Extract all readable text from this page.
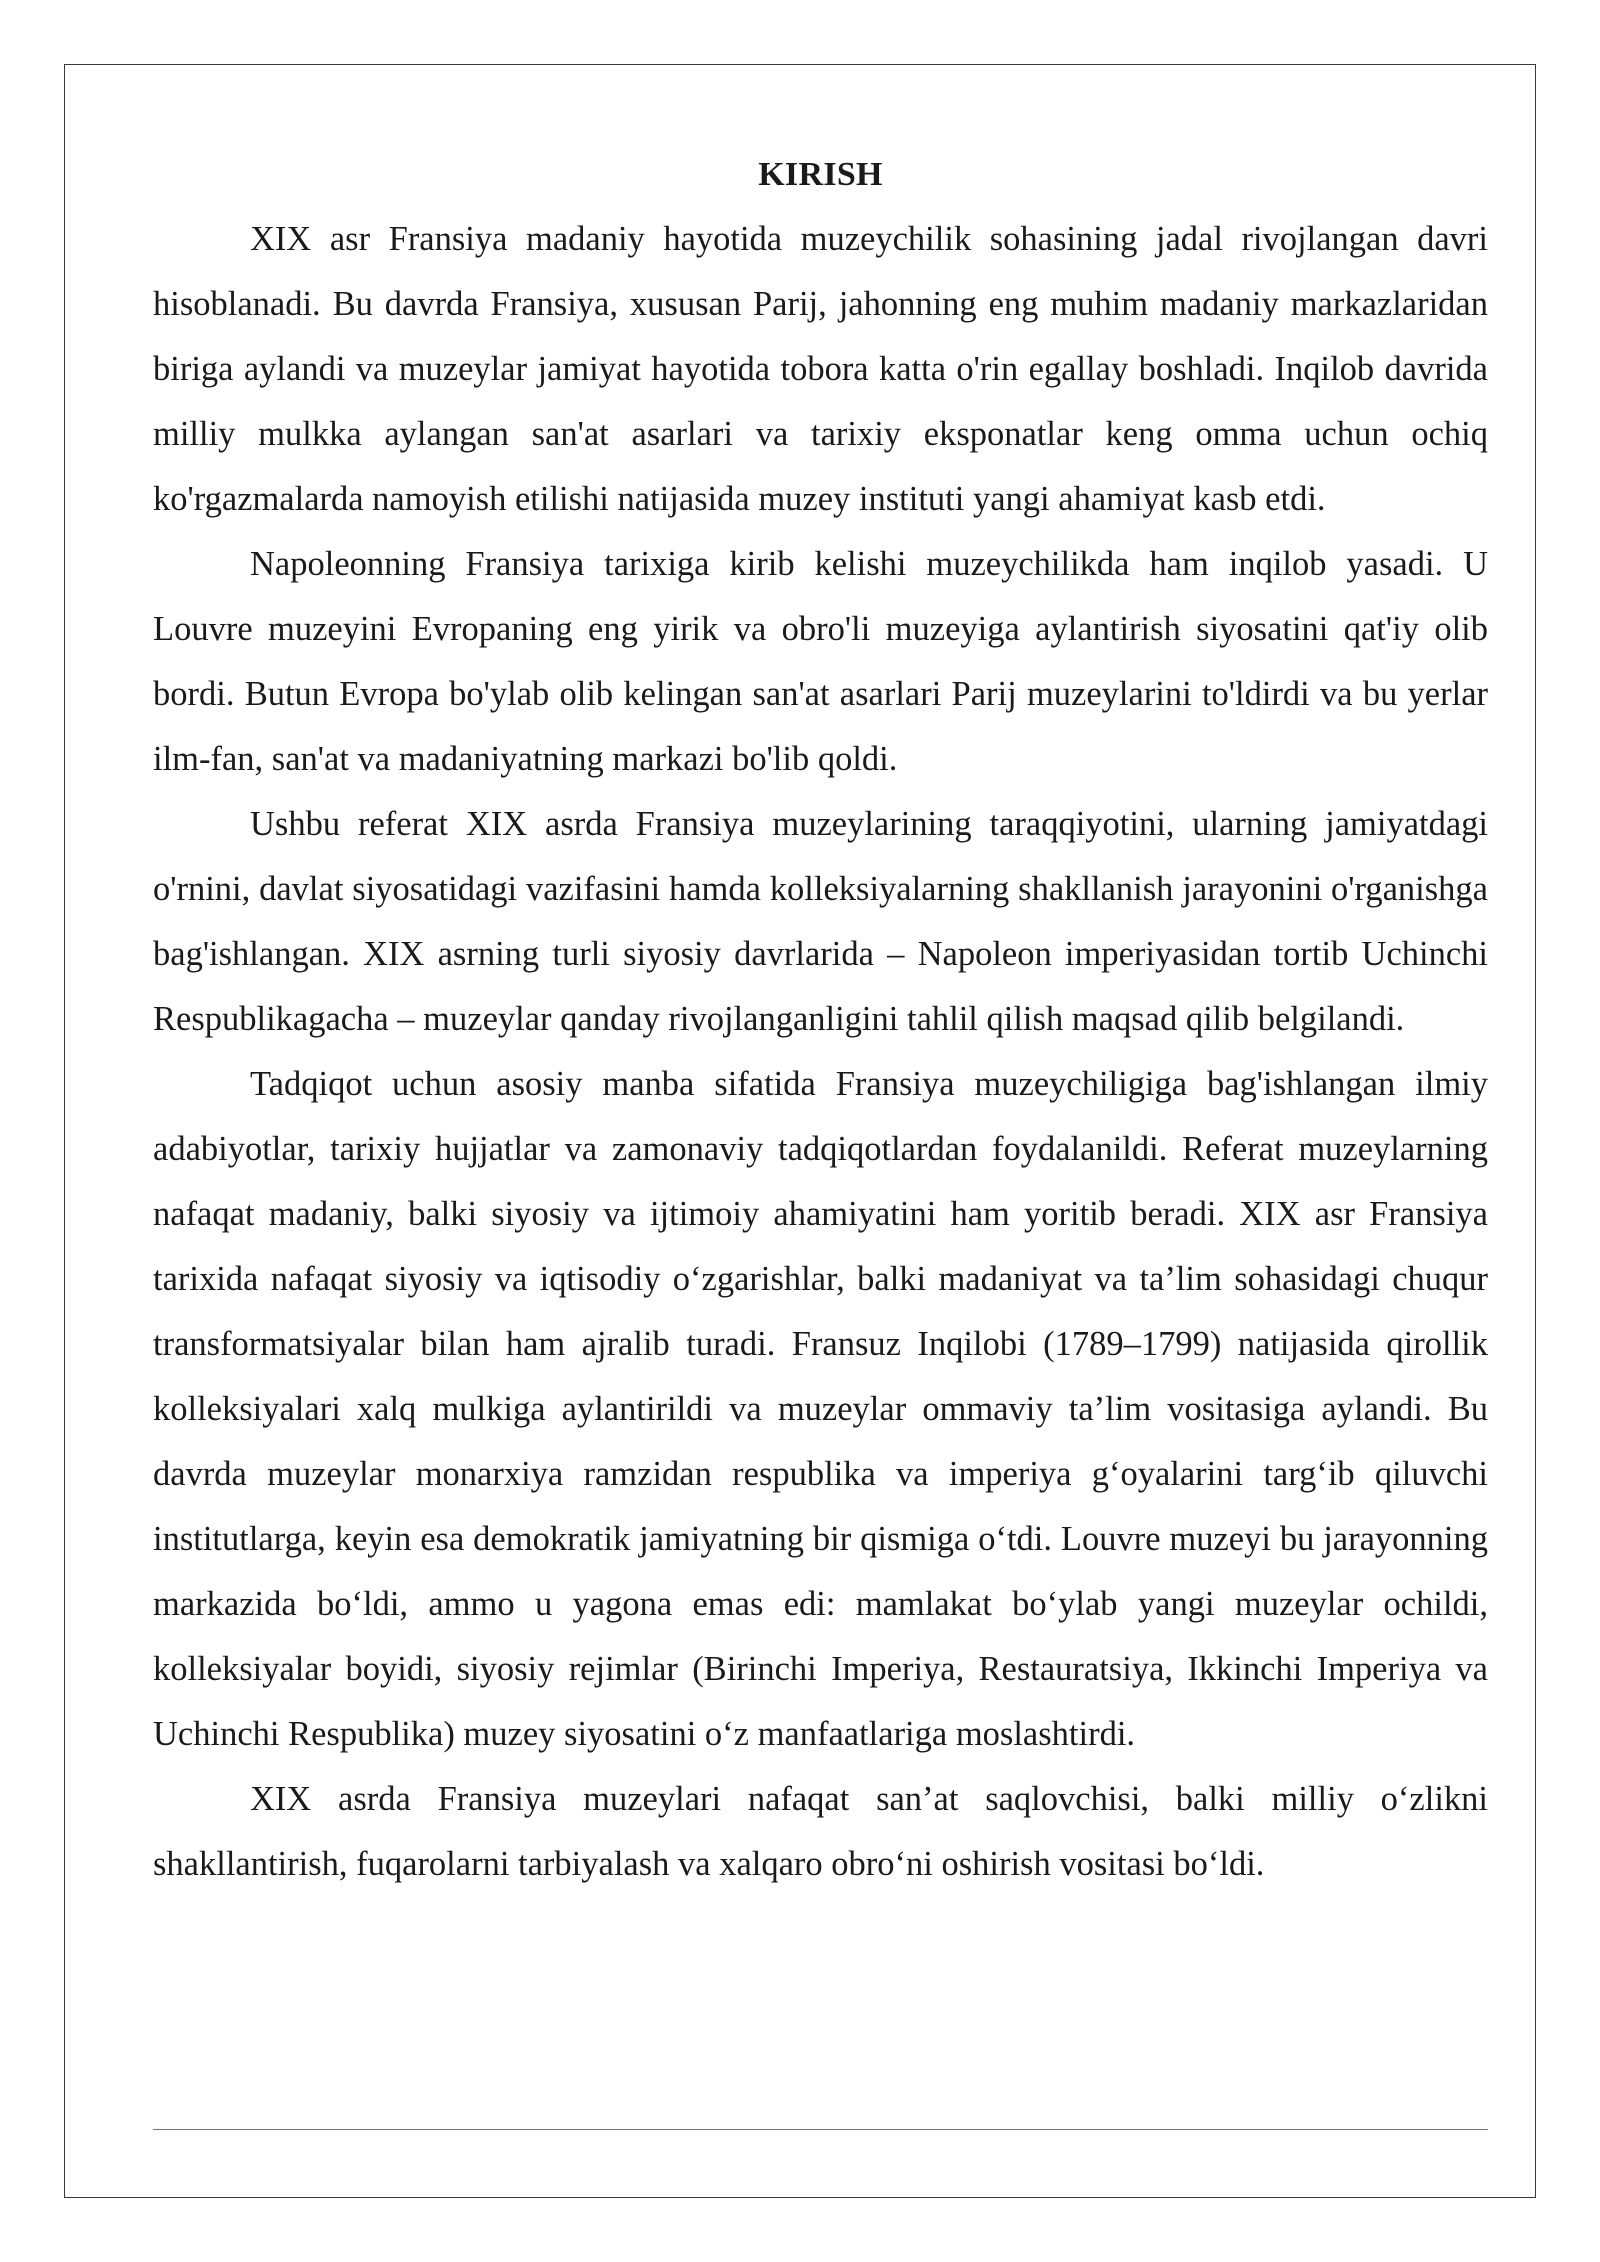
KIRISH

XIX asr Fransiya madaniy hayotida muzeychilik sohasining jadal rivojlangan davri hisoblanadi. Bu davrda Fransiya, xususan Parij, jahonning eng muhim madaniy markazlaridan biriga aylandi va muzeylar jamiyat hayotida tobora katta o'rin egallay boshladi. Inqilob davrida milliy mulkka aylangan san'at asarlari va tarixiy eksponatlar keng omma uchun ochiq ko'rgazmalarda namoyish etilishi natijasida muzey instituti yangi ahamiyat kasb etdi.

Napoleonning Fransiya tarixiga kirib kelishi muzeychilikda ham inqilob yasadi. U Louvre muzeyini Evropaning eng yirik va obro'li muzeyiga aylantirish siyosatini qat'iy olib bordi. Butun Evropa bo'ylab olib kelingan san'at asarlari Parij muzeylarini to'ldirdi va bu yerlar ilm-fan, san'at va madaniyatning markazi bo'lib qoldi.

Ushbu referat XIX asrda Fransiya muzeylarining taraqqiyotini, ularning jamiyatdagi o'rnini, davlat siyosatidagi vazifasini hamda kolleksiyalarning shakllanish jarayonini o'rganishga bag'ishlangan. XIX asrning turli siyosiy davrlarida – Napoleon imperiyasidan tortib Uchinchi Respublikagacha – muzeylar qanday rivojlanganligini tahlil qilish maqsad qilib belgilandi.

Tadqiqot uchun asosiy manba sifatida Fransiya muzeychiligiga bag'ishlangan ilmiy adabiyotlar, tarixiy hujjatlar va zamonaviy tadqiqotlardan foydalanildi. Referat muzeylarning nafaqat madaniy, balki siyosiy va ijtimoiy ahamiyatini ham yoritib beradi. XIX asr Fransiya tarixida nafaqat siyosiy va iqtisodiy o‘zgarishlar, balki madaniyat va ta’lim sohasidagi chuqur transformatsiyalar bilan ham ajralib turadi. Fransuz Inqilobi (1789–1799) natijasida qirollik kolleksiyalari xalq mulkiga aylantirildi va muzeylar ommaviy ta’lim vositasiga aylandi. Bu davrda muzeylar monarxiya ramzidan respublika va imperiya g‘oyalarini targ‘ib qiluvchi institutlarga, keyin esa demokratik jamiyatning bir qismiga o‘tdi. Louvre muzeyi bu jarayonning markazida bo‘ldi, ammo u yagona emas edi: mamlakat bo‘ylab yangi muzeylar ochildi, kolleksiyalar boyidi, siyosiy rejimlar (Birinchi Imperiya, Restauratsiya, Ikkinchi Imperiya va Uchinchi Respublika) muzey siyosatini o‘z manfaatlariga moslashtirdi.

XIX asrda Fransiya muzeylari nafaqat san’at saqlovchisi, balki milliy o‘zlikni shakllantirish, fuqarolarni tarbiyalash va xalqaro obro‘ni oshirish vositasi bo‘ldi.
